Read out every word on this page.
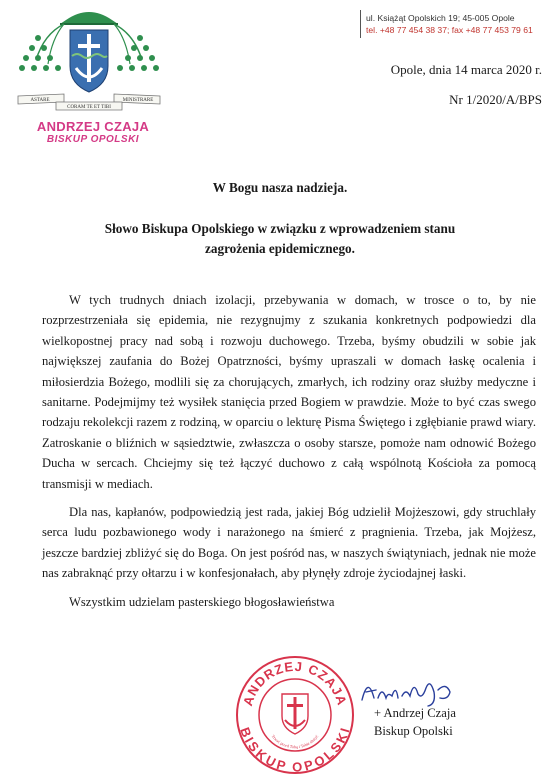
ASTARE	MINISTRARE
CORAM TE ET TIBI
ANDRZEJ CZAJA
BISKUP OPOLSKI
ul. Książąt Opolskich 19; 45-005 Opole
tel. +48 77 454 38 37; fax +48 77 453 79 61
Opole, dnia 14 marca 2020 r.
Nr 1/2020/A/BPS
W Bogu nasza nadzieja.
Słowo Biskupa Opolskiego w związku z wprowadzeniem stanu zagrożenia epidemicznego.

W tych trudnych dniach izolacji, przebywania w domach, w trosce o to, by nie rozprzestrzeniała się epidemia, nie rezygnujmy z szukania konkretnych podpowiedzi dla wielkopostnej pracy nad sobą i rozwoju duchowego. Trzeba, byśmy obudzili w sobie jak największej zaufania do Bożej Opatrzności, byśmy upraszali w domach łaskę ocalenia i miłosierdzia Bożego, modlili się za chorujących, zmarłych, ich rodziny oraz służby medyczne i sanitarne. Podejmijmy też wysiłek stanięcia przed Bogiem w prawdzie. Może to być czas swego rodzaju rekolekcji razem z rodziną, w oparciu o lekturę Pisma Świętego i zgłębianie prawd wiary. Zatroskanie o bliźnich w sąsiedztwie, zwłaszcza o osoby starsze, pomoże nam odnowić Bożego Ducha w sercach. Chciejmy się też łączyć duchowo z całą wspólnotą Kościoła za pomocą transmisji w mediach.

Dla nas, kapłanów, podpowiedzią jest rada, jakiej Bóg udzielił Mojżeszowi, gdy struchlały serca ludu pozbawionego wody i narażonego na śmierć z pragnienia. Trzeba, jak Mojżesz, jeszcze bardziej zbliżyć się do Boga. On jest pośród nas, w naszych świątyniach, jednak nie może nas zabraknąć przy ołtarzu i w konfesjonałach, aby płynęły zdroje życiodajnej łaski.

Wszystkim udzielam pasterskiego błogosławieństwa

ANDRZEJ CZAJA
BISKUP OPOLSKI
Trwać przed Tobą i Tobie służyć
+ Andrzej Czaja
Biskup Opolski
